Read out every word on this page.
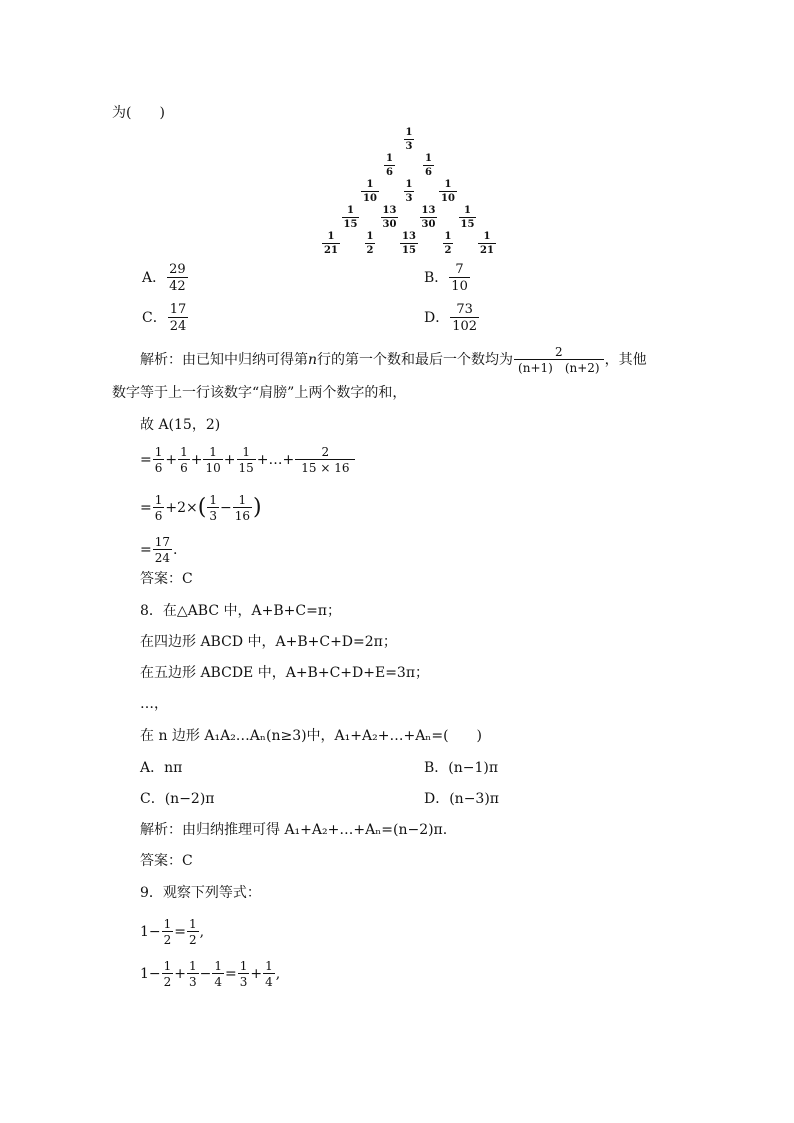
为(　　)
$\frac{1}{3}$
$\frac{1}{6}$	$\frac{1}{6}$
$\frac{1}{10} \frac{1}{3} \frac{1}{10}$
$\frac{1}{15} \frac{13}{30} \frac{13}{30} \frac{1}{15}$
$\frac{1}{21} \frac{1}{2} \frac{13}{15} \frac{1}{2} \frac{1}{21}$
A． $\frac{29}{42}$	B． $\frac{7}{10}$
C． $\frac{17}{24}$	D． $\frac{73}{102}$
解析：由已知中归纳可得第n行的第一个数和最后一个数均为 $\frac{2}{(n+1) (n+2)}$ ，其他
数字等于上一行该数字“肩膀”上两个数字的和，
故 A(15，2)
= $\frac{1}{6} + \frac{1}{6} + \frac{1}{10} + \frac{1}{15}$ +…+ $\frac{2}{15 \times 16}$
= $\frac{1}{6} +2\times( \frac{1}{3} - \frac{1}{16}$ )
= $\frac{17}{24}$ .
答案：C
8．在△ABC 中，A+B+C=π；
在四边形 ABCD 中，A+B+C+D=2π；
在五边形 ABCDE 中，A+B+C+D+E=3π；
…，
在 n 边形 A₁A₂…Aₙ(n≥3)中，A₁+A₂+…+Aₙ=(　　)
A．nπ	B．(n−1)π
C．(n−2)π	D．(n−3)π
解析：由归纳推理可得 A₁+A₂+…+Aₙ=(n−2)π.
答案：C
9．观察下列等式：
$1- \frac{1}{2} = \frac{1}{2}$ ,
$1- \frac{1}{2} + \frac{1}{3} - \frac{1}{4} = \frac{1}{3} + \frac{1}{4}$ ,
